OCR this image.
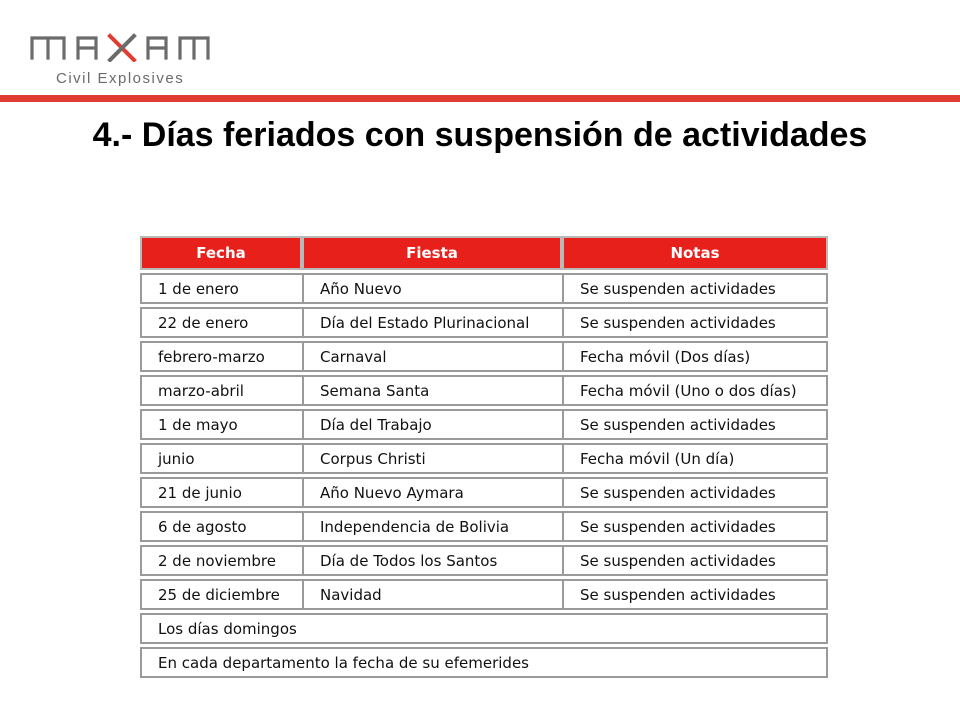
Civil Explosives
4.- Días feriados con suspensión de actividades
Fecha	Fiesta	Notas
1 de enero	Año Nuevo	Se suspenden actividades
22 de enero	Día del Estado Plurinacional	Se suspenden actividades
febrero-marzo	Carnaval	Fecha móvil (Dos días)
marzo-abril	Semana Santa	Fecha móvil (Uno o dos días)
1 de mayo	Día del Trabajo	Se suspenden actividades
junio	Corpus Christi	Fecha móvil (Un día)
21 de junio	Año Nuevo Aymara	Se suspenden actividades
6 de agosto	Independencia de Bolivia	Se suspenden actividades
2 de noviembre	Día de Todos los Santos	Se suspenden actividades
25 de diciembre	Navidad	Se suspenden actividades
Los días domingos		
En cada departamento la fecha de su efemerides		
